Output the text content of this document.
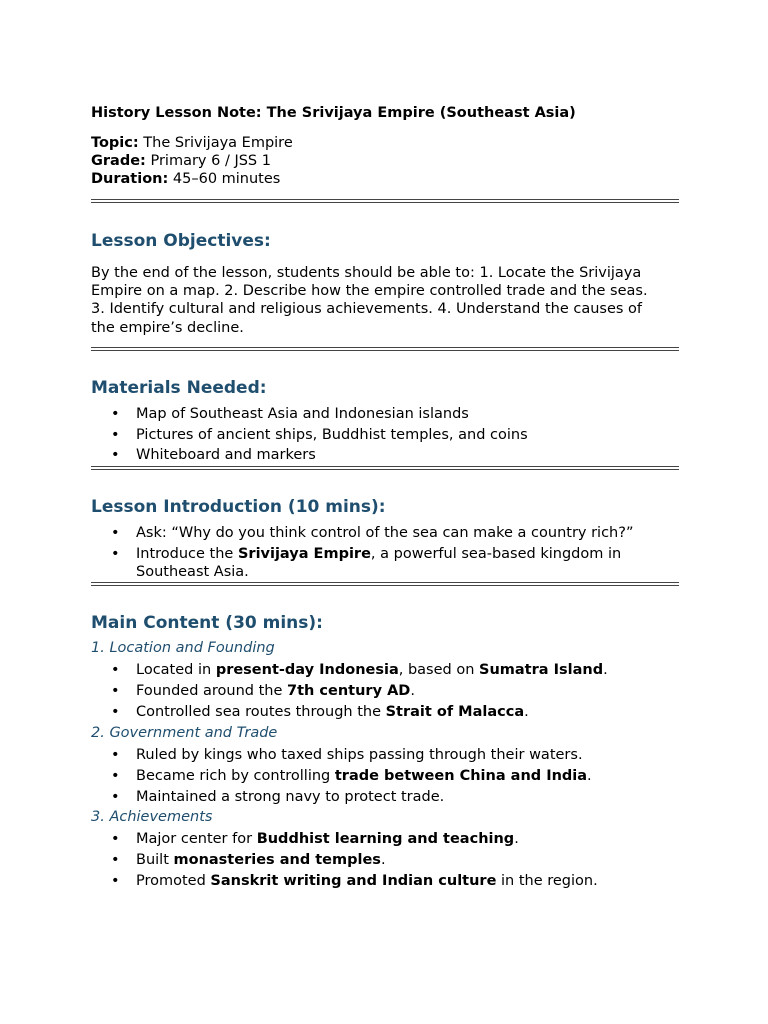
History Lesson Note: The Srivijaya Empire (Southeast Asia)
Topic: The Srivijaya Empire
Grade: Primary 6 / JSS 1
Duration: 45–60 minutes
Lesson Objectives:
By the end of the lesson, students should be able to: 1. Locate the Srivijaya
Empire on a map. 2. Describe how the empire controlled trade and the seas.
3. Identify cultural and religious achievements. 4. Understand the causes of
the empire’s decline.
Materials Needed:
• Map of Southeast Asia and Indonesian islands
• Pictures of ancient ships, Buddhist temples, and coins
• Whiteboard and markers
Lesson Introduction (10 mins):
• Ask: “Why do you think control of the sea can make a country rich?”
• Introduce the Srivijaya Empire, a powerful sea-based kingdom in
Southeast Asia.
Main Content (30 mins):
1. Location and Founding
• Located in present-day Indonesia, based on Sumatra Island.
• Founded around the 7th century AD.
• Controlled sea routes through the Strait of Malacca.
2. Government and Trade
• Ruled by kings who taxed ships passing through their waters.
• Became rich by controlling trade between China and India.
• Maintained a strong navy to protect trade.
3. Achievements
• Major center for Buddhist learning and teaching.
• Built monasteries and temples.
• Promoted Sanskrit writing and Indian culture in the region.
